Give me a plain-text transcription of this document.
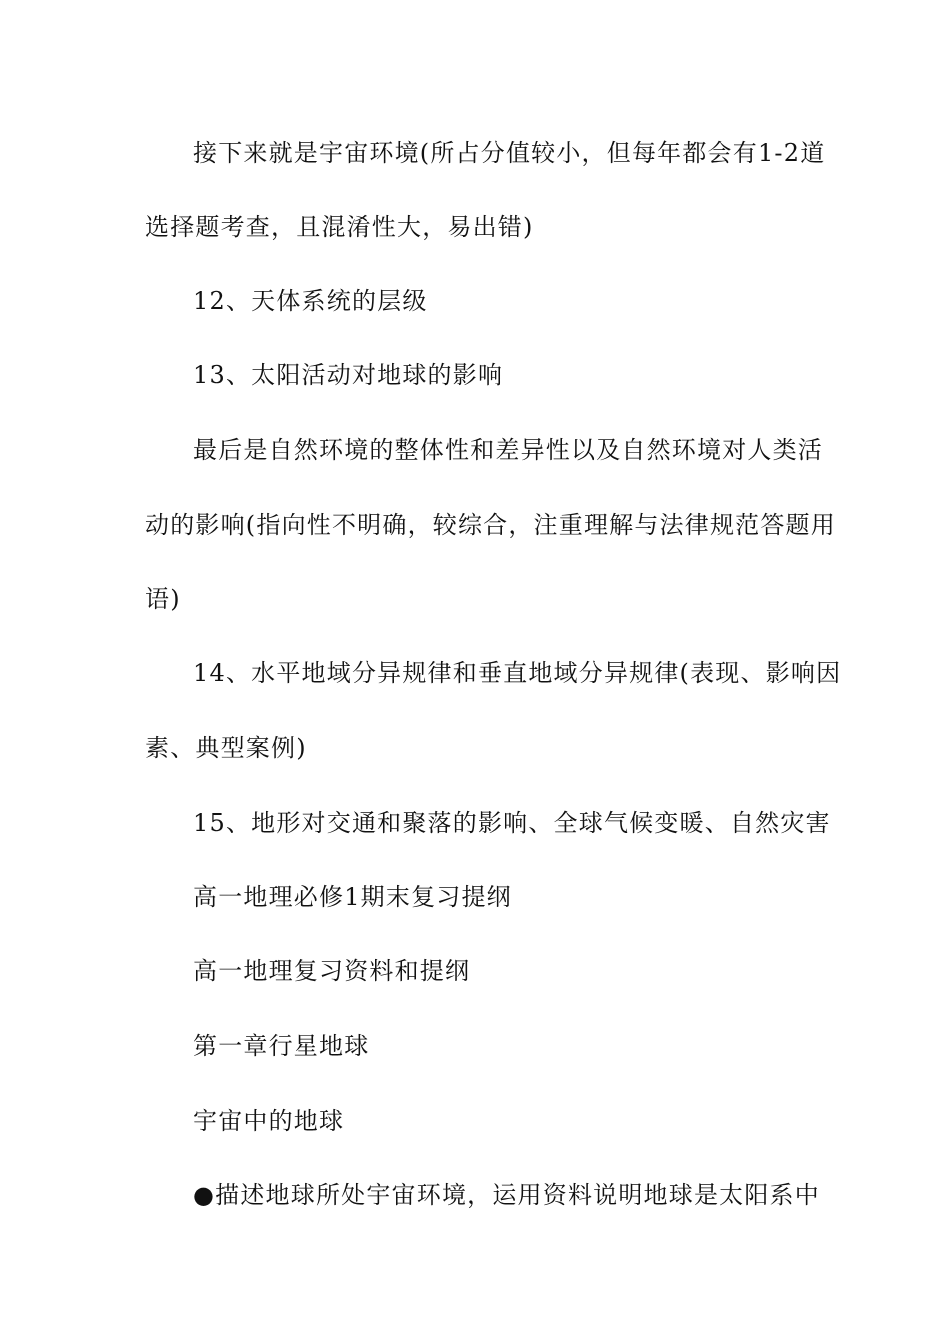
接下来就是宇宙环境(所占分值较小，但每年都会有1-2道
选择题考查，且混淆性大，易出错)
12、天体系统的层级
13、太阳活动对地球的影响
最后是自然环境的整体性和差异性以及自然环境对人类活
动的影响(指向性不明确，较综合，注重理解与法律规范答题用
语)
14、水平地域分异规律和垂直地域分异规律(表现、影响因
素、典型案例)
15、地形对交通和聚落的影响、全球气候变暖、自然灾害
高一地理必修1期末复习提纲
高一地理复习资料和提纲
第一章行星地球
宇宙中的地球
●描述地球所处宇宙环境，运用资料说明地球是太阳系中
